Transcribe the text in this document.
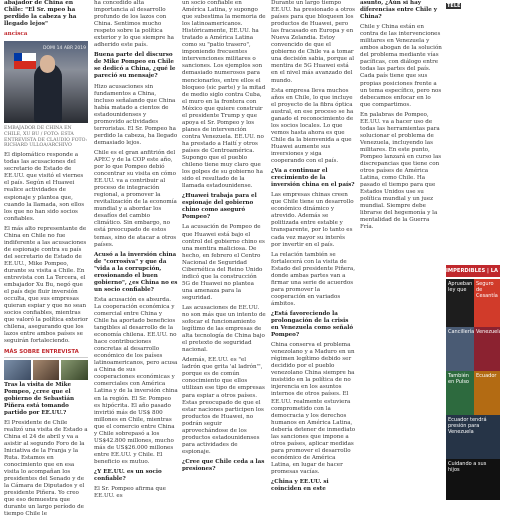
abajador de China en Chile: "El Sr. mpeo ha perdido la cabeza y ha llegado lejos"

ancisca

DOMI 14 ABR 2019

EMBAJADOR DE CHINA EN CHILE, XU BU / FOTO: ESTA ENTREVISTA DE CLAUDIO FOTO: RICHARD ULLOA/ARCHIVO

El diplomático responde a todas las acusaciones del secretario de Estado de EE.UU. que visitó el viernes el país. Según el Huawei realice actividades de espionaje y plantea que, cuando la llamada, son ellos los que no han sido socios confiables.

El más alto representante de China en Chile no fue indiferente a las acusaciones de espionaje contra su país del secretario de Estado de EE.UU., Mike Pompeo, durante su visita a Chile. En entrevista con La Tercera, el embajador Xu Bu, negó que el país deje fluir inversión occulta, que sus empresas quieran espiar y que no sean socios confiables, mientras que valoró la política exterior chilena, asegurando que los lazos entre ambos países se seguirán fortaleciendo.

MÁS SOBRE ENTREVISTA

Tras la visita de Mike Pompeo, ¿cree que el gobierno de Sebastián Piñera está tomando partido por EE.UU.?

El Presidente de Chile realizó una visita de Estado a China el 24 de abril y va a asistir al segundo Foro de la Iniciativa de la Franja y la Ruta. Estamos en conocimiento que en esa visita lo acompañan los presidentes del Senado y de la Cámara de Diputados y el presidente Piñera. Yo creo que eso demuestra que durante un largo período de tiempo Chile le

ha concedido alta importancia al desarrollo profundo de los lazos con China. Sentimos mucho respeto sobre la política exterior y lo que siempre ha adherido este país.

Buena parte del discurso de Mike Pompeo en Chile se dedicó a China, ¿qué le pareció su mensaje?

Hizo acusaciones sin fundamentos a China, incluso señalando que China había matado a cientos de estadounidenses y promovido actividades terroristas. El Sr. Pompeo ha perdido la cabeza, ha llegado demasiado lejos.

Chile es el gran anfitrión del APEC y de la COP este año, por lo que Pompeo debió concentrar su visita en cómo EE.UU. va a contribuir al proceso de integración regional, a promover la revitalización de la economía mundial y a abordar los desafíos del cambio climático. Sin embargo, no está preocupado de estos temas, sino de atacar a otros países.

Acusó a la inversión china de "corrosiva" y que da "vida a la corrupción, erosionando el buen gobierno", ¿es China no es un socio confiable?

Esta acusación es absurda. La cooperación económica y comercial entre China y Chile ha aportado beneficios tangibles al desarrollo de la economía chilena. EE.UU. no hace contribuciones concretas al desarrollo económico de los países latinoamericanos, pero acusa a China de sus cooperaciones económicas y comerciales con América Latina y de la inversión china en la región. El Sr. Pompeo es hipócrita. El año pasado invirtió más de US$ 800 millones en Chile, mientras que el comercio entre China y Chile sobrepasó a los US$42.800 millones, mucho más de US$26.000 millones entre EE.UU. y Chile. El beneficio es mutuo.

¿Y EE.UU. es un socio confiable?

El Sr. Pompeo afirma que EE.UU. es

un socio confiable en América Latina, y supongo que subestima la memoria de los latinoamericanos. Históricamente, EE.UU. ha tratado a América Latina como su "patio trasero", imponiendo frecuentes intervenciones militares o sanciones. Los ejemplos son demasiado numerosos para mencionarlos, entre ellos el bloqueo (sic parte) y la mitad de medio siglo contra Cuba, el muro en la frontera con México que quiere construir el presidente Trump y que apoya el Sr. Pompeo y los planes de intervención contra Venezuela. EE.UU. no ha prestado a Haití y otros países de Centroamérica. Supongo que el pueblo chileno tiene muy claro que los golpes de su gobierno ha sido el resultado de la llamada estadounidense.

¿Huawei trabaja para el espionaje del gobierno chino como aseguró Pompeo?

La acusación de Pompeo de que Huawei está bajo el control del gobierno chino es una mentira maliciosa. De hecho, en febrero el Centro Nacional de Seguridad Cibernética del Reino Unido indicó que la construcción 5G de Huawei no plantea una amenaza para la seguridad.

Las acusaciones de EE.UU. no son más que un intento de sofocar el funcionamiento legítimo de las empresas de alta tecnología de China bajo el pretexto de seguridad nacional.

Además, EE.UU. es "el ladrón que grita 'al ladrón'", porque es de común conocimiento que ellos utilizan ese tipo de empresas para espiar a otros países. Estas preocupado de que el estar naciones participen los productos de Huawei, no podrán seguir aprovechándose de los productos estadounidenses para actividades de espionaje.

¿Cree que Chile ceda a las presiones?

Durante un largo tiempo EE.UU. ha presionado a otros países para que bloqueen los productos de Huawei, pero las fracasado en Europa y en Nueva Zelandia. Estoy convencido de que el gobierno de Chile va a tomar una decisión sabia, porque al mentira de 5G Huawei está en el nivel más avanzado del mundo.

Esta empresa lleva muchos años en Chile, lo que incluye el proyecto de la fibra óptica austral, en ese proceso se ha ganado el reconocimiento de los socios locales. Lo que vemos hasta ahora es que Chile da la bienvenida a que Huawei aumente sus inversiones y siga cooperando con el país.

¿Va a continuar el crecimiento de la inversión china en el país?

Las empresas chinas creen que Chile tiene un desarrollo económico dinámico y atrevido. Además se politizada entre estable y transparente, por lo tanto es cada vez mayor su interés por invertir en el país.

La relación también se fortalecerá con la visita de Estado del presidente Piñera, donde ambas partes van a firmar una serie de acuerdos para promover la cooperación en variados ámbitos.

¿Está favoreciendo la prolongación de la crisis en Venezuela como señaló Pompeo?

China conserva el problema venezolano y a Maduro en un régimen legítimo debido ser decidido por el pueblo venezolano China siempre ha insistido en la política de no injerencia en los asuntos internos de otros países. El EE.UU. realmente estuviera comprometido con la democracia y los derechos humanos en América Latina, debería detener de inmediato las sanciones que impone a otros países, aplicar medidas para promover el desarrollo económico de América Latina, en lugar de hacer promesas vacías.

¿China y EE.UU. si coinciden en este

asunto, ¿Aún si hay diferencias entre Chile y China?

Chile y China están en contra de las intervenciones militares en Venezuela y ambos abogan de la solución del problema mediante vías pacíficas, con diálogo entre todas las partes del país. Cada país tiene que sus propias posiciones frente a un tema específico, pero nos debecamos enfocar en lo que compartimos.

En palabras de Pompeo, EE.UU. va a hacer uso de todas las herramientas para solucionar el problema de Venezuela, incluyendo las militares. En este punto, Pompeo lanzará en curso las discrepancias que tiene con otros países de América Latina, como Chile. Ha pasado el tiempo para que Estados Unidos use su política mundial y un juez mundial. Siempre debe librarse del hegemonía y la mentalidad de la Guerra Fría.

TELE
IMPERDIBLES | LA TERCERA
Aprueban ley que
Seguro de Cesantía
Cancillería Venezuela
También en Pulso
Ecuador
Ecuador tendrá presión para Venezuela
Cuidando a sus hijos
